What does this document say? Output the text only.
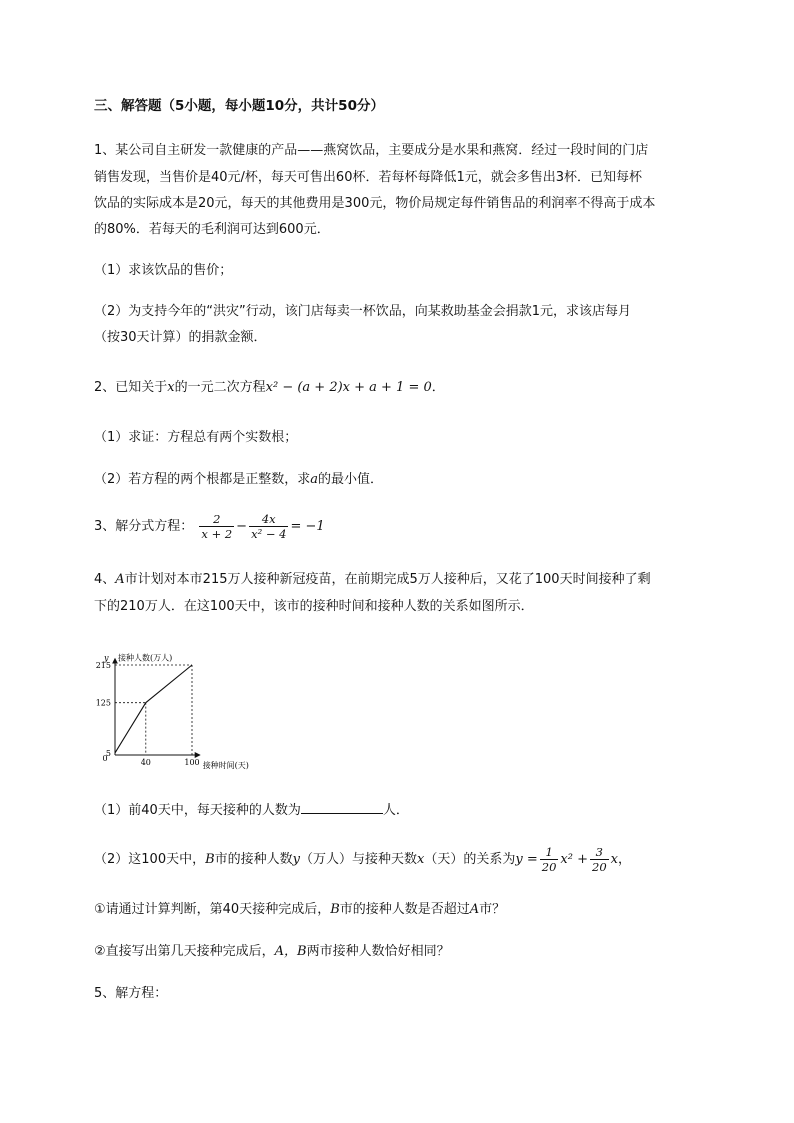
三、解答题（5小题，每小题10分，共计50分）
1、某公司自主研发一款健康的产品——燕窝饮品，主要成分是水果和燕窝．经过一段时间的门店
销售发现，当售价是40元/杯，每天可售出60杯．若每杯每降低1元，就会多售出3杯．已知每杯
饮品的实际成本是20元，每天的其他费用是300元，物价局规定每件销售品的利润率不得高于成本
的80%．若每天的毛利润可达到600元．
（1）求该饮品的售价；
（2）为支持今年的“洪灾”行动，该门店每卖一杯饮品，向某救助基金会捐款1元，求该店每月
（按30天计算）的捐款金额．
2、已知关于x的一元二次方程x² − (a + 2)x + a + 1 = 0．
（1）求证：方程总有两个实数根；
（2）若方程的两个根都是正整数，求a的最小值．
3、解分式方程： $\frac{2}{x + 2} - \frac{4x}{\text{x² − 4}} = -1$
4、A市计划对本市215万人接种新冠疫苗，在前期完成5万人接种后，又花了100天时间接种了剩
下的210万人．在这100天中，该市的接种时间和接种人数的关系如图所示．
5
125
215
40	100
0
y 接种人数(万人)
接种时间(天)
（1）前40天中，每天接种的人数为	人．
（2）这100天中，B市的接种人数y（万人）与接种天数x（天）的关系为$y = \frac{1}{20} x^2 + \frac{3}{20}$ x，
①请通过计算判断，第40天接种完成后，B市的接种人数是否超过A市？
②直接写出第几天接种完成后，A，B两市接种人数恰好相同？
5、解方程：
